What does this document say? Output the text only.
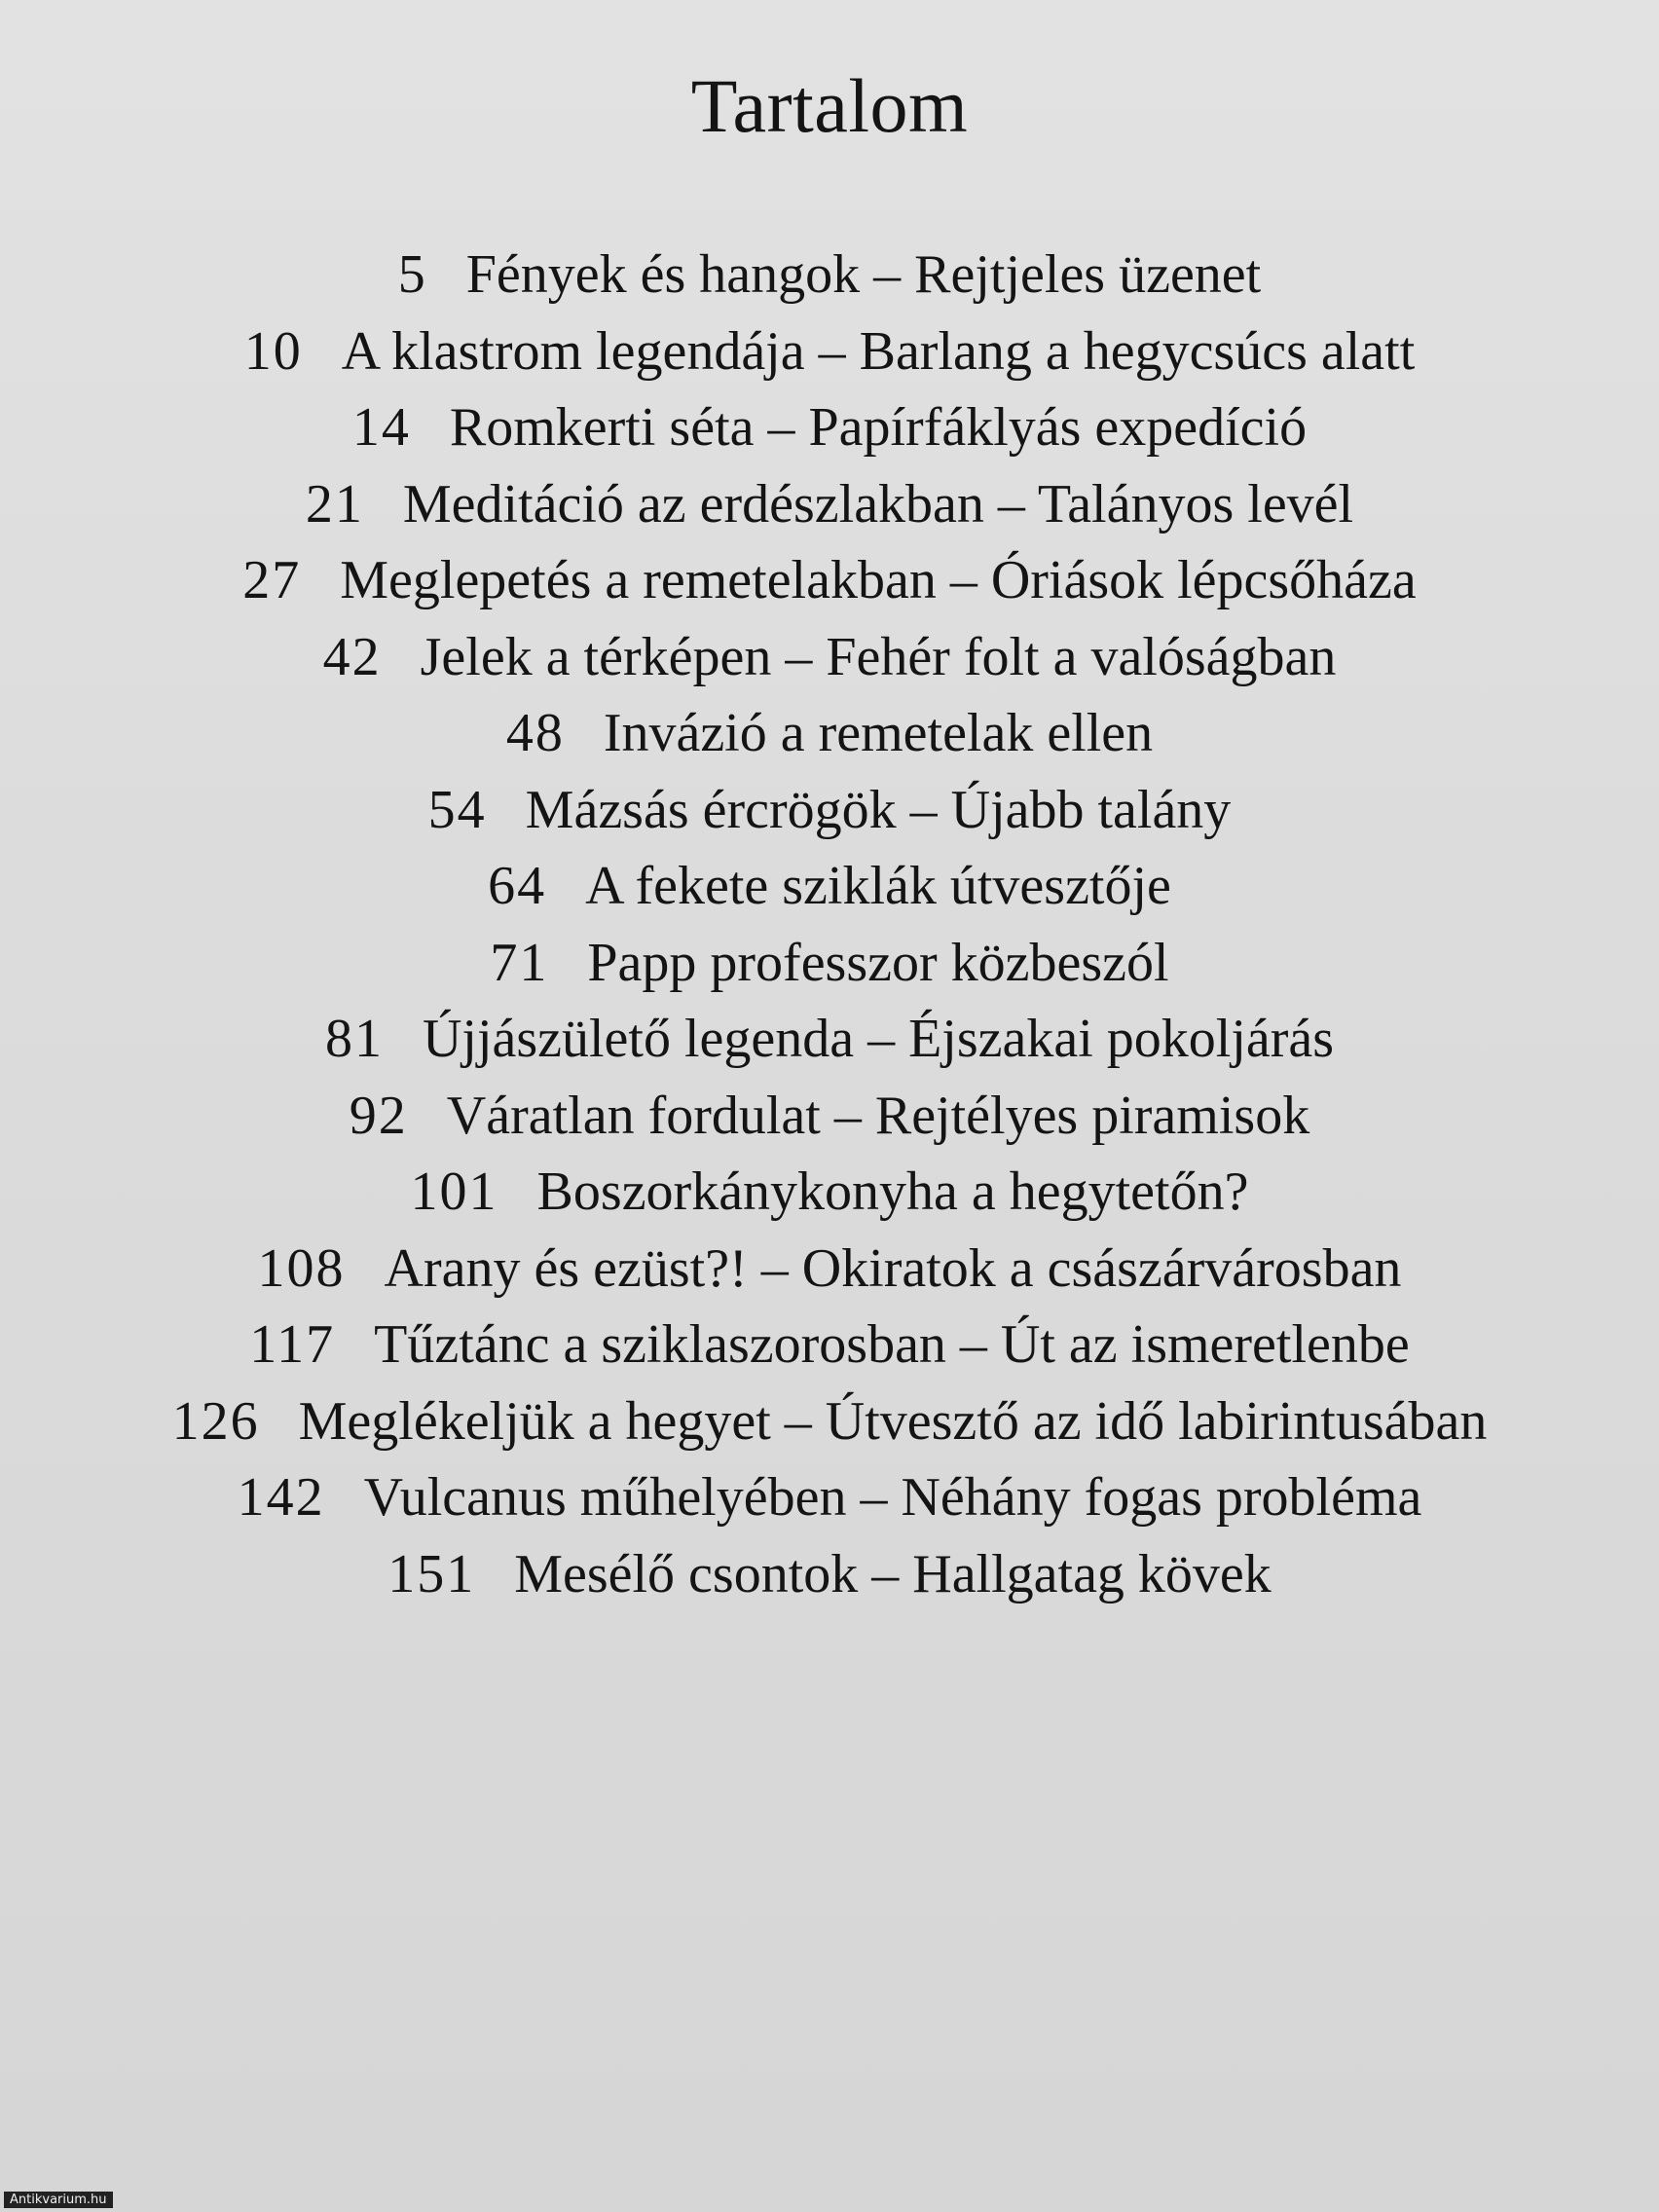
Tartalom
5 Fények és hangok – Rejtjeles üzenet
10 A klastrom legendája – Barlang a hegycsúcs alatt
14 Romkerti séta – Papírfáklyás expedíció
21 Meditáció az erdészlakban – Talányos levél
27 Meglepetés a remetelakban – Óriások lépcsőháza
42 Jelek a térképen – Fehér folt a valóságban
48 Invázió a remetelak ellen
54 Mázsás ércrögök – Újabb talány
64 A fekete sziklák útvesztője
71 Papp professzor közbeszól
81 Újjászülető legenda – Éjszakai pokoljárás
92 Váratlan fordulat – Rejtélyes piramisok
101 Boszorkánykonyha a hegytetőn?
108 Arany és ezüst?! – Okiratok a császárvárosban
117 Tűztánc a sziklaszorosban – Út az ismeretlenbe
126 Meglékeljük a hegyet – Útvesztő az idő labirintusában
142 Vulcanus műhelyében – Néhány fogas probléma
151 Mesélő csontok – Hallgatag kövek
Antikvarium.hu
